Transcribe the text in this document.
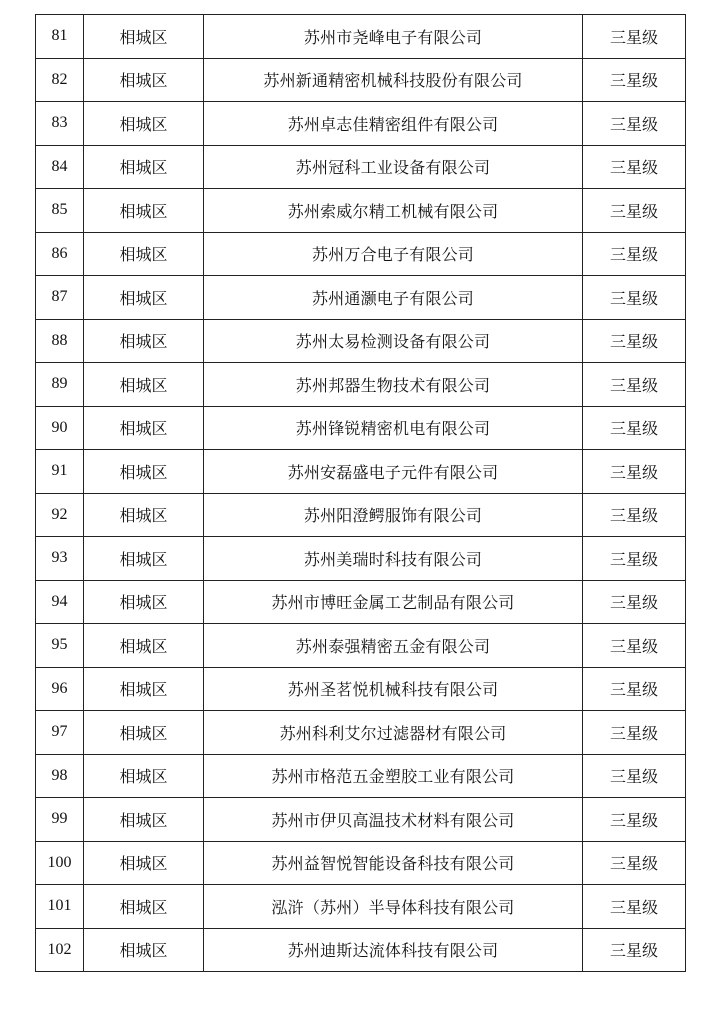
81	相城区	苏州市尧峰电子有限公司	三星级
82	相城区	苏州新通精密机械科技股份有限公司	三星级
83	相城区	苏州卓志佳精密组件有限公司	三星级
84	相城区	苏州冠科工业设备有限公司	三星级
85	相城区	苏州索威尔精工机械有限公司	三星级
86	相城区	苏州万合电子有限公司	三星级
87	相城区	苏州通灏电子有限公司	三星级
88	相城区	苏州太易检测设备有限公司	三星级
89	相城区	苏州邦器生物技术有限公司	三星级
90	相城区	苏州锋锐精密机电有限公司	三星级
91	相城区	苏州安磊盛电子元件有限公司	三星级
92	相城区	苏州阳澄鳄服饰有限公司	三星级
93	相城区	苏州美瑞时科技有限公司	三星级
94	相城区	苏州市博旺金属工艺制品有限公司	三星级
95	相城区	苏州泰强精密五金有限公司	三星级
96	相城区	苏州圣茗悦机械科技有限公司	三星级
97	相城区	苏州科利艾尔过滤器材有限公司	三星级
98	相城区	苏州市格范五金塑胶工业有限公司	三星级
99	相城区	苏州市伊贝高温技术材料有限公司	三星级
100	相城区	苏州益智悦智能设备科技有限公司	三星级
101	相城区	泓浒（苏州）半导体科技有限公司	三星级
102	相城区	苏州迪斯达流体科技有限公司	三星级
